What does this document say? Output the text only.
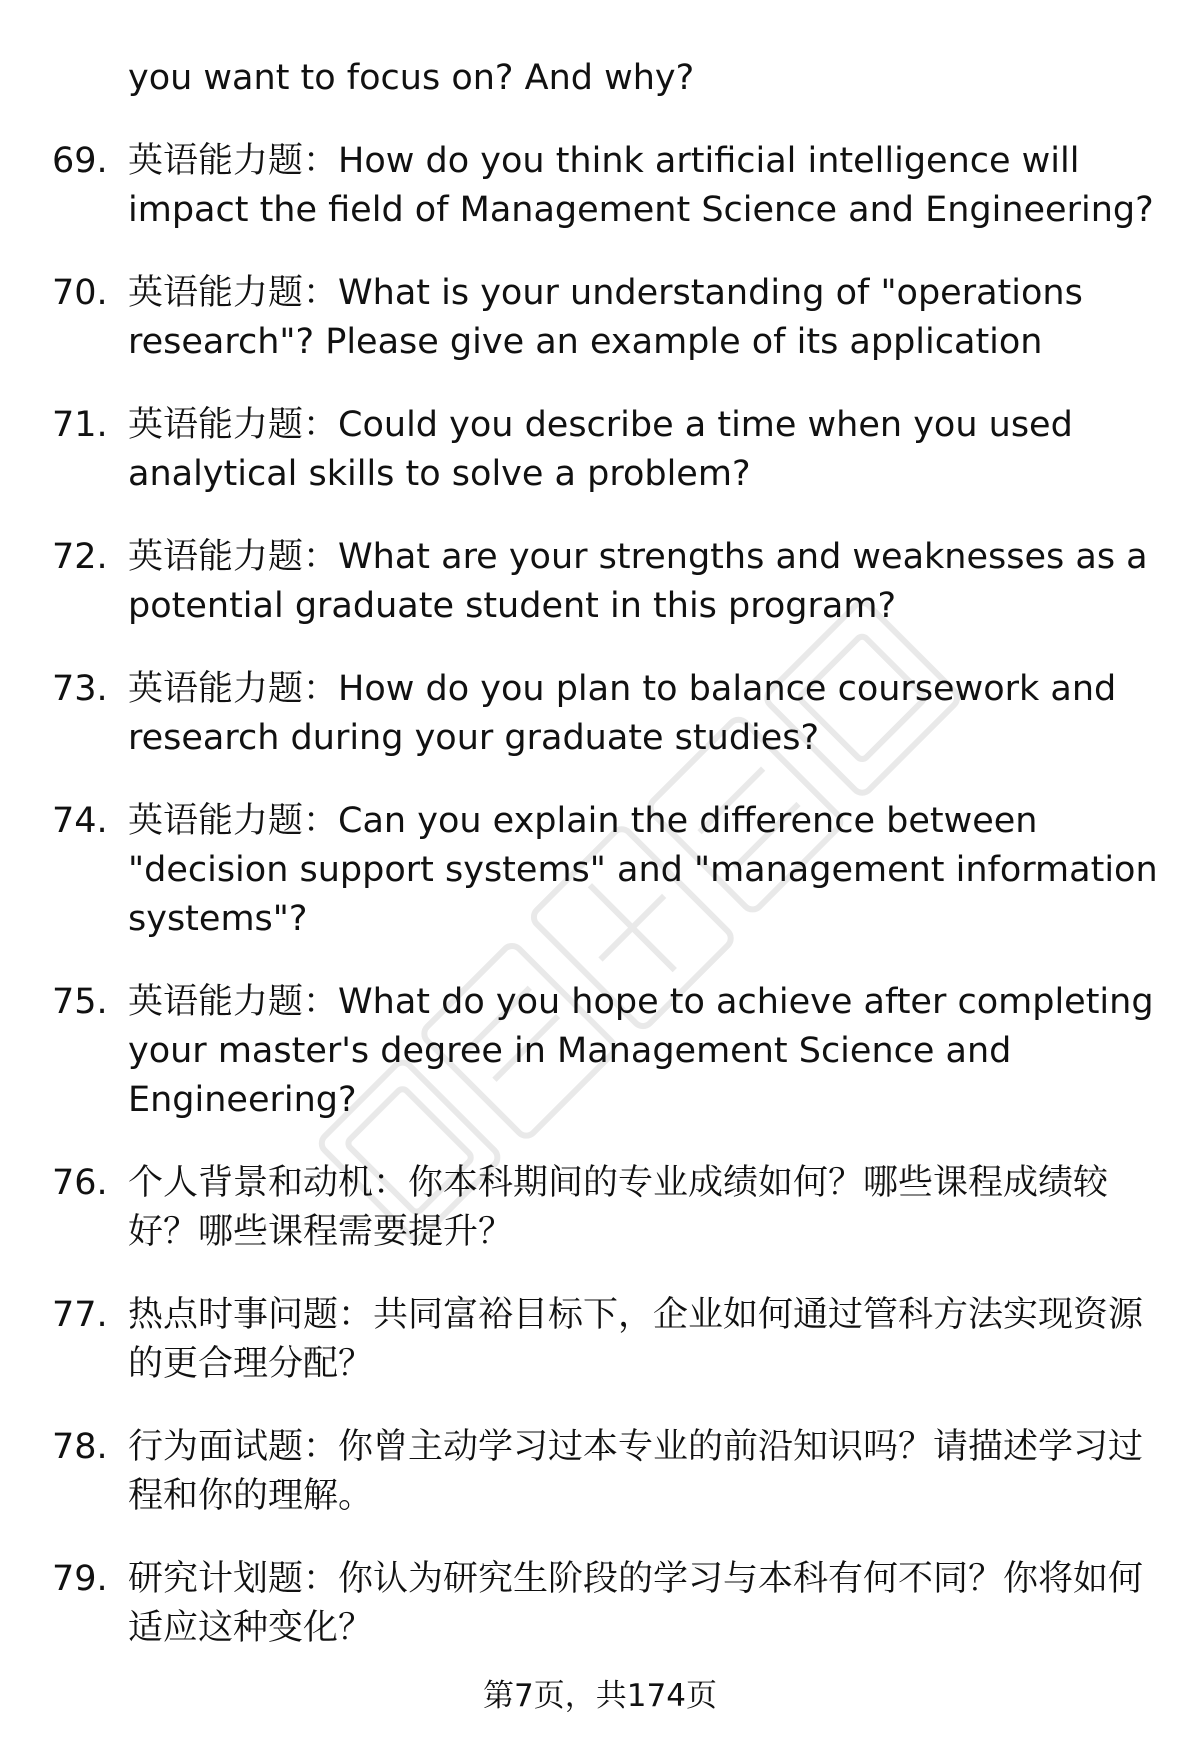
you want to focus on? And why?
69. 英语能力题：How do you think artificial intelligence will impact the field of Management Science and Engineering?
70. 英语能力题：What is your understanding of "operations research"? Please give an example of its application
71. 英语能力题：Could you describe a time when you used analytical skills to solve a problem?
72. 英语能力题：What are your strengths and weaknesses as a potential graduate student in this program?
73. 英语能力题：How do you plan to balance coursework and research during your graduate studies?
74. 英语能力题：Can you explain the difference between "decision support systems" and "management information systems"?
75. 英语能力题：What do you hope to achieve after completing your master's degree in Management Science and Engineering?
76. 个人背景和动机：你本科期间的专业成绩如何？哪些课程成绩较好？哪些课程需要提升？
77. 热点时事问题：共同富裕目标下，企业如何通过管科方法实现资源的更合理分配？
78. 行为面试题：你曾主动学习过本专业的前沿知识吗？请描述学习过程和你的理解。
79. 研究计划题：你认为研究生阶段的学习与本科有何不同？你将如何适应这种变化？
第7页，共174页
